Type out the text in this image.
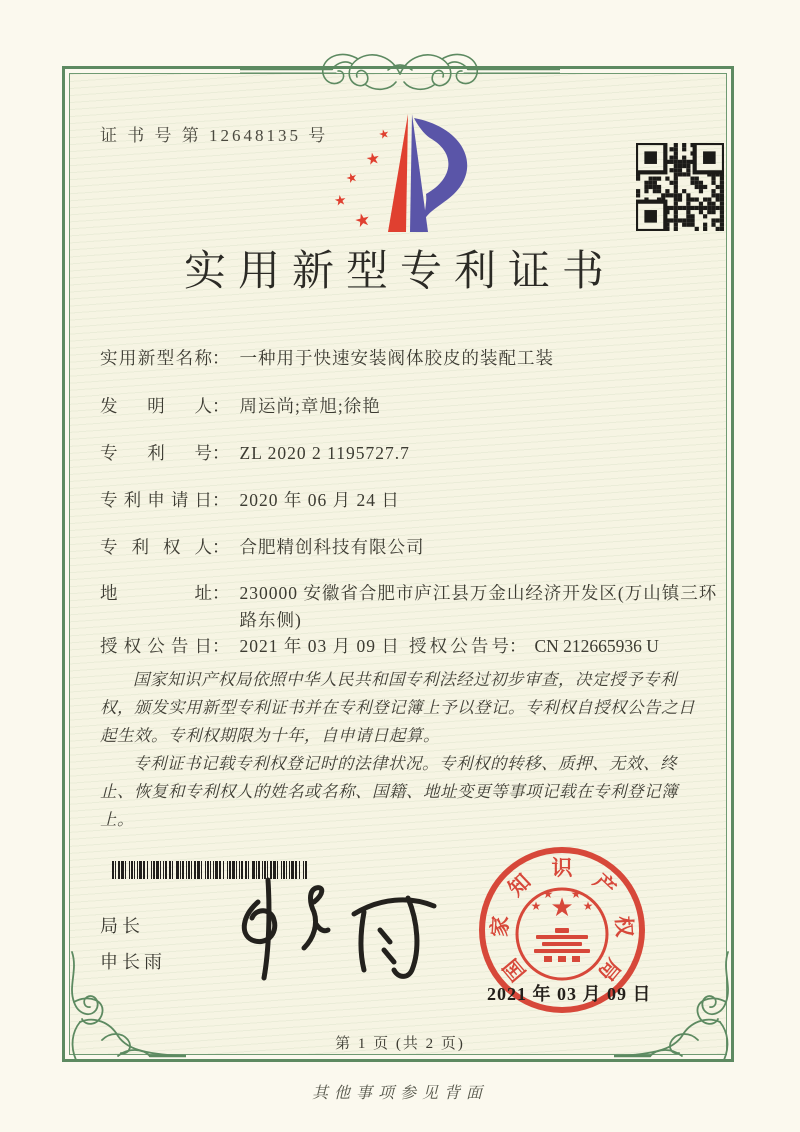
证 书 号 第 12648135 号	★
★
★
★
★
实用新型专利证书
实用新型名称： 一种用于快速安装阀体胶皮的装配工装
发明人： 周运尚;章旭;徐艳
专利号： ZL 2020 2 1195727.7
专利申请日： 2020 年 06 月 24 日
专利权人： 合肥精创科技有限公司
地址： 230000 安徽省合肥市庐江县万金山经济开发区(万山镇三环路东侧)
授权公告日： 2021 年 03 月 09 日 授权公告号： CN 212665936 U

国家知识产权局依照中华人民共和国专利法经过初步审查，决定授予专利权，颁发实用新型专利证书并在专利登记簿上予以登记。专利权自授权公告之日起生效。专利权期限为十年，自申请日起算。

专利证书记载专利权登记时的法律状况。专利权的转移、质押、无效、终止、恢复和专利权人的姓名或名称、国籍、地址变更等事项记载在专利登记簿上。

局长
申长雨	国
家
知
识
产
权
局
★
★
★ ★
★
2021 年 03 月 09 日
第 1 页 (共 2 页)
其他事项参见背面
